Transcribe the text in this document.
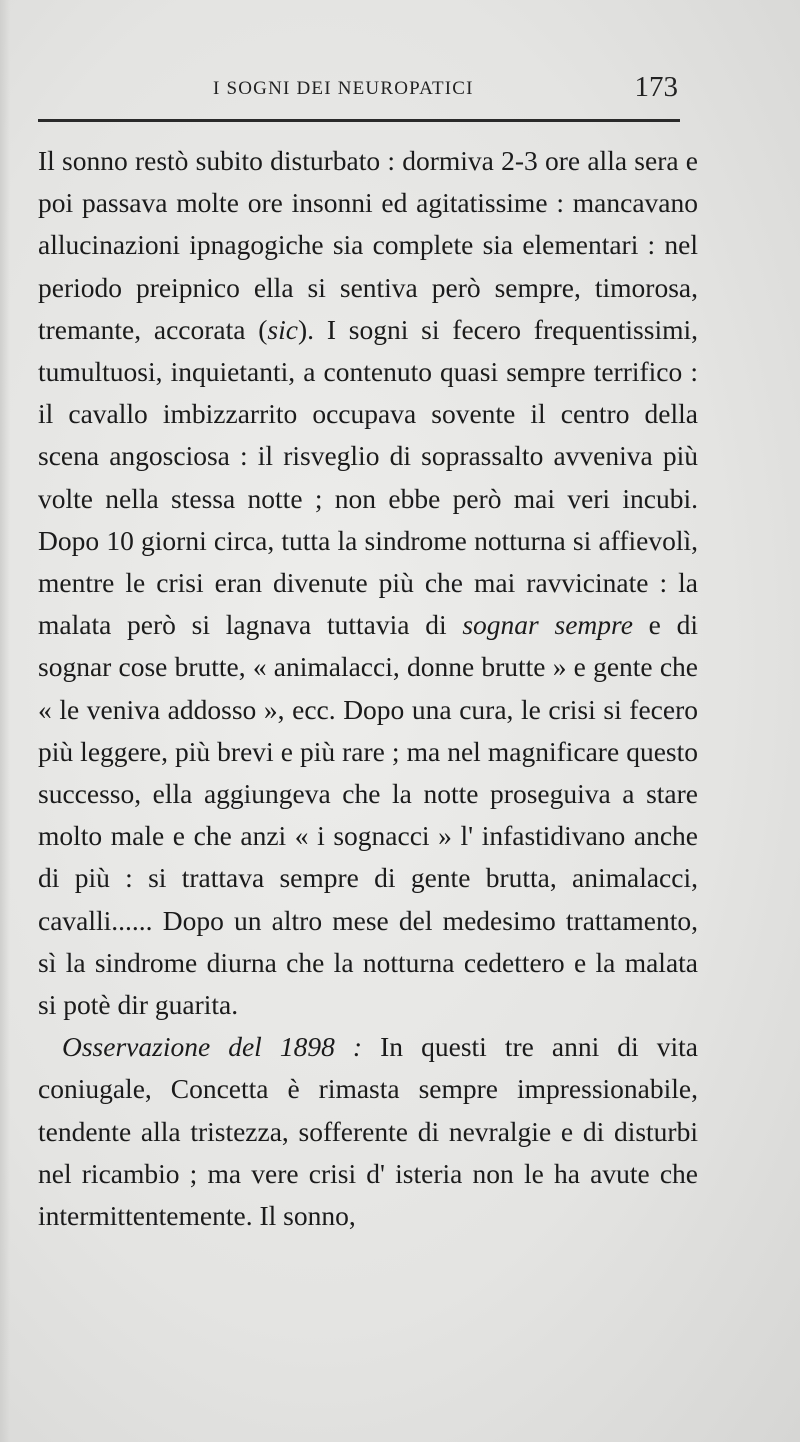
I SOGNI DEI NEUROPATICI	173

Il sonno restò subito disturbato : dormiva 2-3 ore alla sera e poi passava molte ore insonni ed agitatissime : mancavano allucinazioni ipnagogiche sia complete sia elementari : nel periodo preipnico ella si sentiva però sempre, timorosa, tremante, accorata (sic). I sogni si fecero frequentissimi, tumultuosi, inquietanti, a contenuto quasi sempre terrifico : il cavallo imbizzarrito occupava sovente il centro della scena angosciosa : il risveglio di soprassalto avveniva più volte nella stessa notte ; non ebbe però mai veri incubi. Dopo 10 giorni circa, tutta la sindrome notturna si affievolì, mentre le crisi eran divenute più che mai ravvicinate : la malata però si lagnava tuttavia di sognar sempre e di sognar cose brutte, « animalacci, donne brutte » e gente che « le veniva addosso », ecc. Dopo una cura, le crisi si fecero più leggere, più brevi e più rare ; ma nel magnificare questo successo, ella aggiungeva che la notte proseguiva a stare molto male e che anzi « i sognacci » l' infastidivano anche di più : si trattava sempre di gente brutta, animalacci, cavalli...... Dopo un altro mese del medesimo trattamento, sì la sindrome diurna che la notturna cedettero e la malata si potè dir guarita.

Osservazione del 1898 : In questi tre anni di vita coniugale, Concetta è rimasta sempre impressionabile, tendente alla tristezza, sofferente di nevralgie e di disturbi nel ricambio ; ma vere crisi d' isteria non le ha avute che intermittentemente. Il sonno,
